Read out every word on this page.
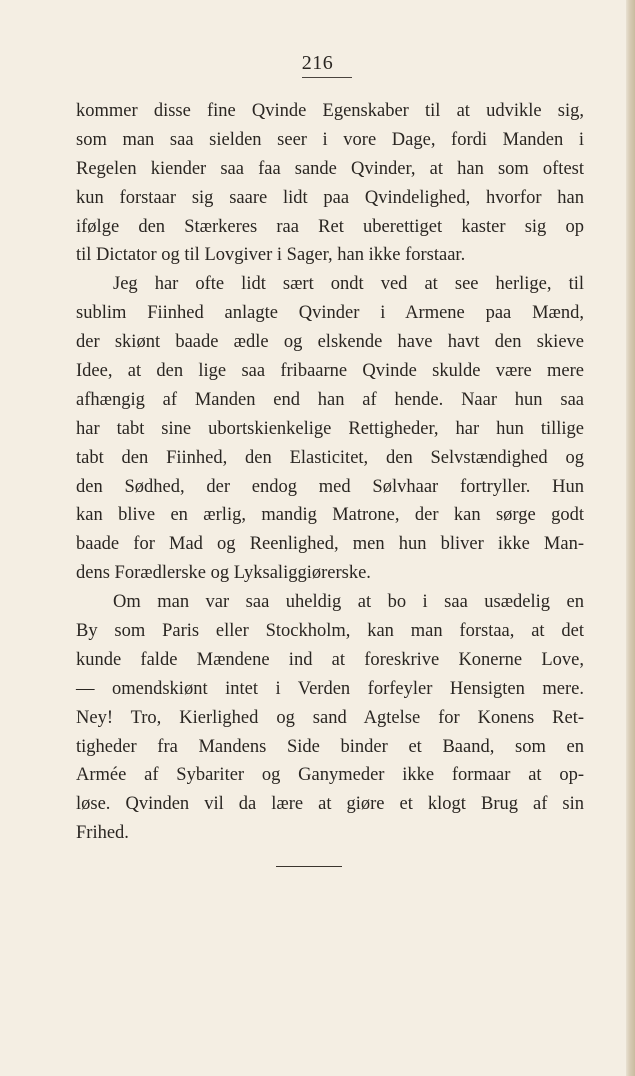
216
kommer disse fine Qvinde Egenskaber til at udvikle sig,
som man saa sielden seer i vore Dage, fordi Manden i
Regelen kiender saa faa sande Qvinder, at han som oftest
kun forstaar sig saare lidt paa Qvindelighed, hvorfor han
ifølge den Stærkeres raa Ret uberettiget kaster sig op
til Dictator og til Lovgiver i Sager, han ikke forstaar.
Jeg har ofte lidt sært ondt ved at see herlige, til
sublim Fiinhed anlagte Qvinder i Armene paa Mænd,
der skiønt baade ædle og elskende have havt den skieve
Idee, at den lige saa fribaarne Qvinde skulde være mere
afhængig af Manden end han af hende. Naar hun saa
har tabt sine ubortskienkelige Rettigheder, har hun tillige
tabt den Fiinhed, den Elasticitet, den Selvstændighed og
den Sødhed, der endog med Sølvhaar fortryller. Hun
kan blive en ærlig, mandig Matrone, der kan sørge godt
baade for Mad og Reenlighed, men hun bliver ikke Man-
dens Forædlerske og Lyksaliggiørerske.
Om man var saa uheldig at bo i saa usædelig en
By som Paris eller Stockholm, kan man forstaa, at det
kunde falde Mændene ind at foreskrive Konerne Love,
— omendskiønt intet i Verden forfeyler Hensigten mere.
Ney! Tro, Kierlighed og sand Agtelse for Konens Ret-
tigheder fra Mandens Side binder et Baand, som en
Armée af Sybariter og Ganymeder ikke formaar at op-
løse. Qvinden vil da lære at giøre et klogt Brug af sin
Frihed.
